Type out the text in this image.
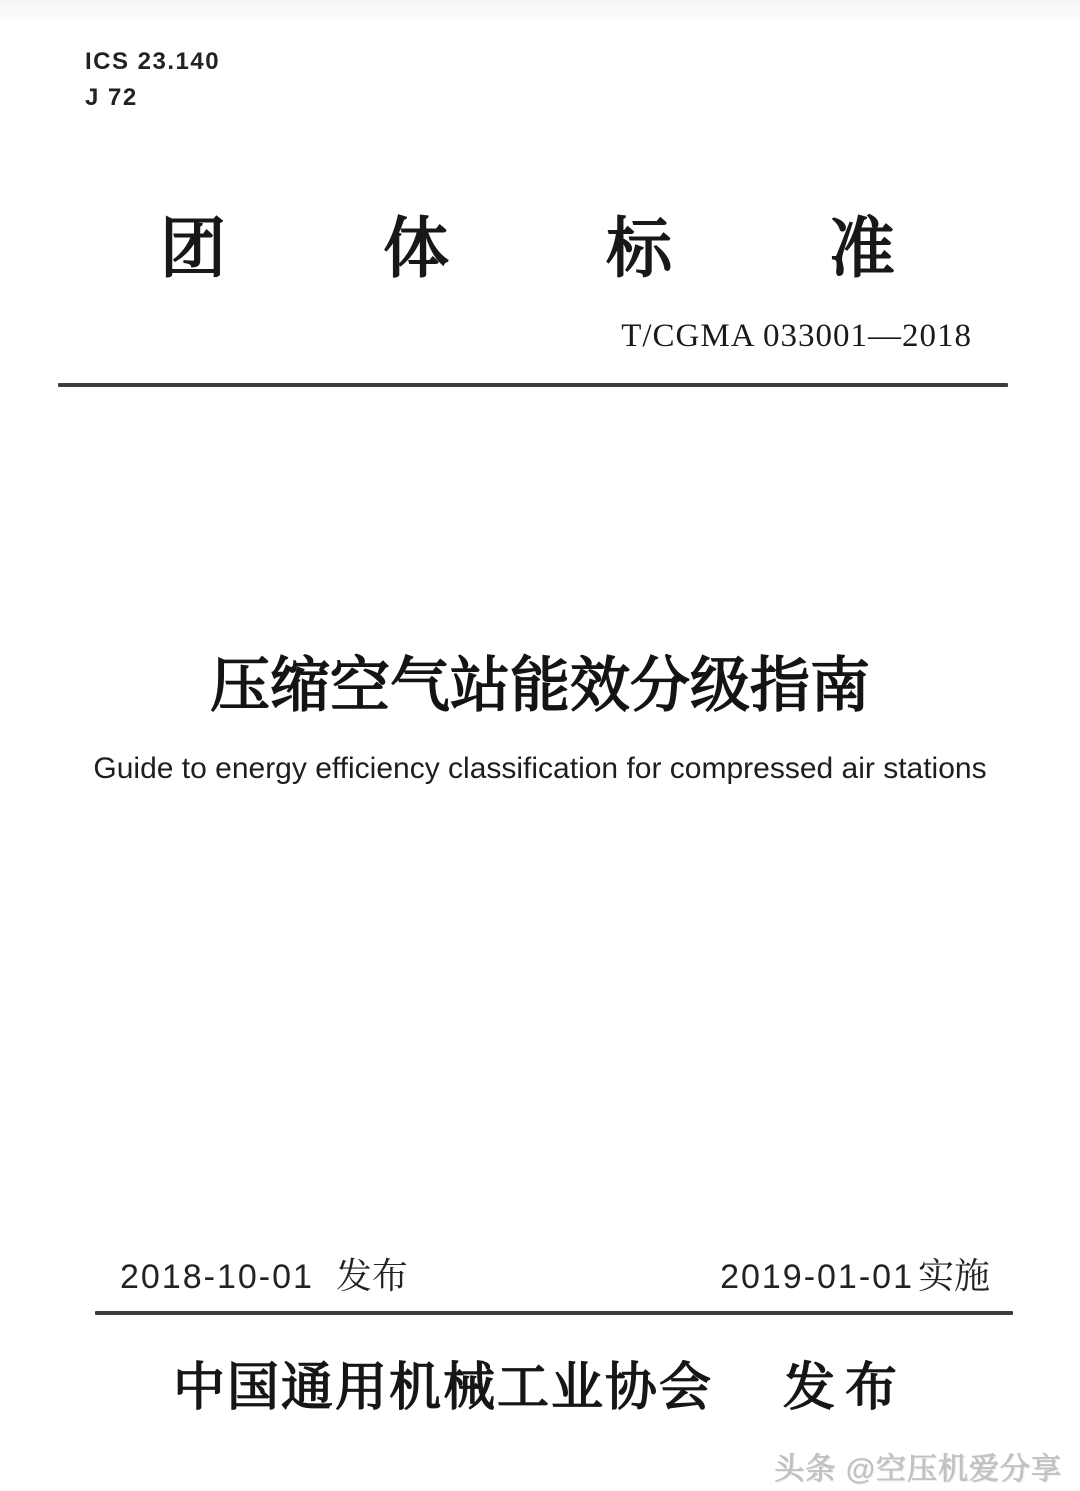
ICS 23.140
J 72
团 体 标 准
T/CGMA 033001—2018
压缩空气站能效分级指南
Guide to energy efficiency classification for compressed air stations
2018-10-01 发布	2019-01-01 实施
中国通用机械工业协会 发布
头条 @空压机爱分享
